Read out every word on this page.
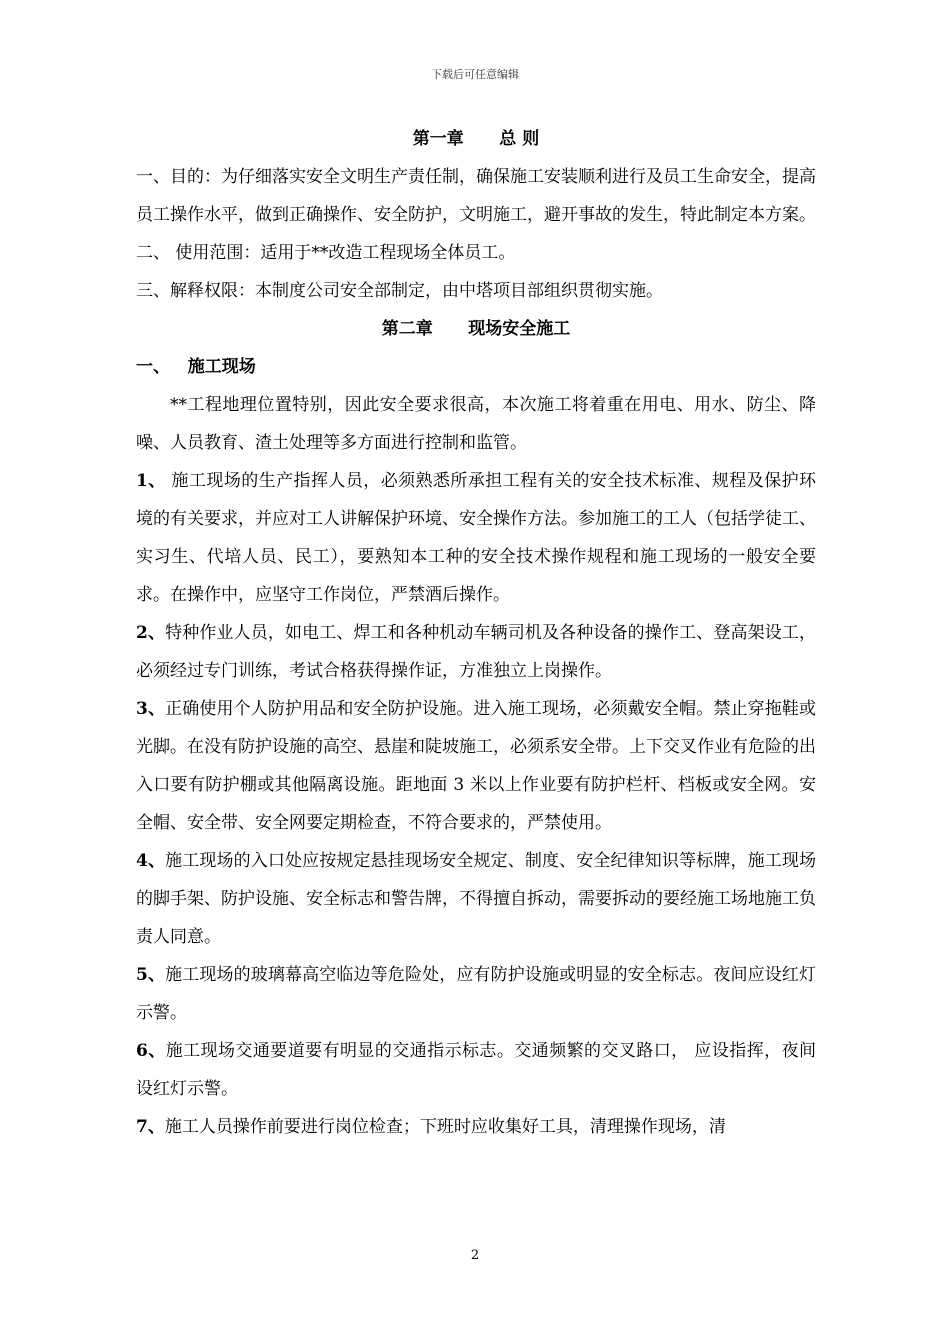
下载后可任意编辑
第一章      总 则

一、目的：为仔细落实安全文明生产责任制，确保施工安装顺利进行及员工生命安全，提高员工操作水平，做到正确操作、安全防护，文明施工，避开事故的发生，特此制定本方案。

二、 使用范围：适用于**改造工程现场全体员工。

三、解释权限：本制度公司安全部制定，由中塔项目部组织贯彻实施。

第二章      现场安全施工
一、   施工现场

**工程地理位置特别，因此安全要求很高，本次施工将着重在用电、用水、防尘、降噪、人员教育、渣土处理等多方面进行控制和监管。

1、 施工现场的生产指挥人员，必须熟悉所承担工程有关的安全技术标准、规程及保护环境的有关要求，并应对工人讲解保护环境、安全操作方法。参加施工的工人（包括学徒工、实习生、代培人员、民工），要熟知本工种的安全技术操作规程和施工现场的一般安全要求。在操作中，应坚守工作岗位，严禁酒后操作。

2、特种作业人员，如电工、焊工和各种机动车辆司机及各种设备的操作工、登高架设工，必须经过专门训练，考试合格获得操作证，方准独立上岗操作。

3、正确使用个人防护用品和安全防护设施。进入施工现场，必须戴安全帽。禁止穿拖鞋或光脚。在没有防护设施的高空、悬崖和陡坡施工，必须系安全带。上下交叉作业有危险的出入口要有防护棚或其他隔离设施。距地面 3 米以上作业要有防护栏杆、档板或安全网。安全帽、安全带、安全网要定期检查，不符合要求的，严禁使用。

4、施工现场的入口处应按规定悬挂现场安全规定、制度、安全纪律知识等标牌，施工现场的脚手架、防护设施、安全标志和警告牌，不得擅自拆动，需要拆动的要经施工场地施工负责人同意。

5、施工现场的玻璃幕高空临边等危险处，应有防护设施或明显的安全标志。夜间应设红灯示警。

6、施工现场交通要道要有明显的交通指示标志。交通频繁的交叉路口， 应设指挥，夜间设红灯示警。

7、施工人员操作前要进行岗位检查；下班时应收集好工具，清理操作现场，清

2
